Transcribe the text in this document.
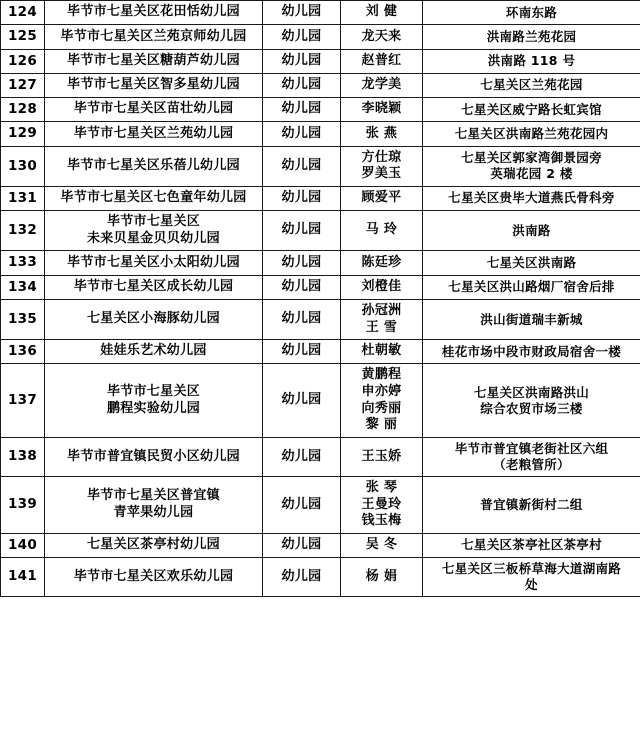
124	毕节市七星关区花田恬幼儿园	幼儿园	刘 健	环南东路

125	毕节市七星关区兰苑京师幼儿园	幼儿园	龙天来	洪南路兰苑花园

126	毕节市七星关区糖葫芦幼儿园	幼儿园	赵普红	洪南路 118 号

127	毕节市七星关区智多星幼儿园	幼儿园	龙学美	七星关区兰苑花园

128	毕节市七星关区苗壮幼儿园	幼儿园	李晓颖	七星关区威宁路长虹宾馆

129	毕节市七星关区兰苑幼儿园	幼儿园	张 燕	七星关区洪南路兰苑花园内

130	毕节市七星关区乐蓓儿幼儿园	幼儿园	方仕琼
罗美玉	七星关区郭家湾御景园旁
英瑞花园 2 楼

131	毕节市七星关区七色童年幼儿园	幼儿园	顾爱平	七星关区贵毕大道燕氏骨科旁

132	毕节市七星关区
未来贝星金贝贝幼儿园	幼儿园	马 玲	洪南路

133	毕节市七星关区小太阳幼儿园	幼儿园	陈廷珍	七星关区洪南路

134	毕节市七星关区成长幼儿园	幼儿园	刘橙佳	七星关区洪山路烟厂宿舍后排

135	七星关区小海豚幼儿园	幼儿园	孙冠洲
王 雪	洪山街道瑞丰新城

136	娃娃乐艺术幼儿园	幼儿园	杜朝敏	桂花市场中段市财政局宿舍一楼

137	毕节市七星关区
鹏程实验幼儿园	幼儿园	黄鹏程
申亦婷
向秀丽
黎 丽	七星关区洪南路洪山
综合农贸市场三楼

138	毕节市普宜镇民贸小区幼儿园	幼儿园	王玉娇	毕节市普宜镇老街社区六组
（老粮管所）

139	毕节市七星关区普宜镇
青苹果幼儿园	幼儿园	张 琴
王曼玲
钱玉梅	普宜镇新街村二组

140	七星关区茶亭村幼儿园	幼儿园	吴 冬	七星关区茶亭社区茶亭村

141	毕节市七星关区欢乐幼儿园	幼儿园	杨 娟	七星关区三板桥草海大道湖南路
处
